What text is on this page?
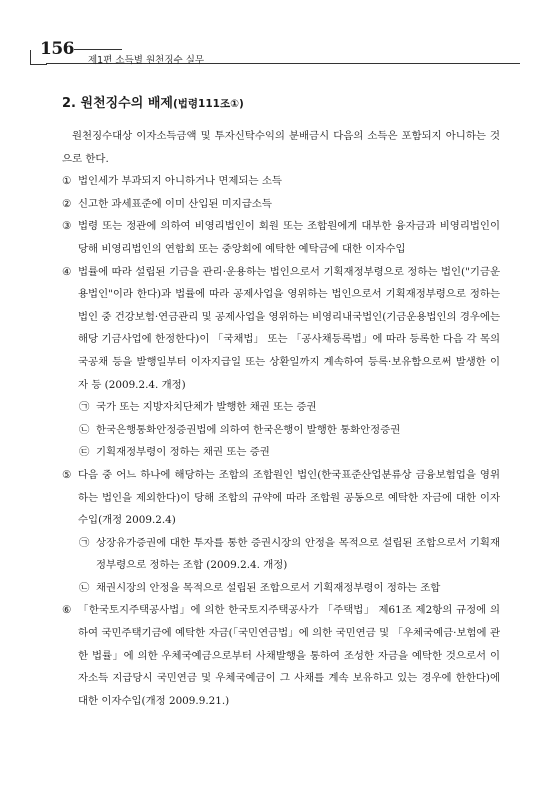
156
제1편 소득별 원천징수 실무
2. 원천징수의 배제(법령111조①)

원천징수대상 이자소득금액 및 투자신탁수익의 분배금시 다음의 소득은 포함되지 아니하는 것으로 한다.

① 법인세가 부과되지 아니하거나 면제되는 소득
② 신고한 과세표준에 이미 산입된 미지급소득
③ 법령 또는 정관에 의하여 비영리법인이 회원 또는 조합원에게 대부한 융자금과 비영리법인이 당해 비영리법인의 연합회 또는 중앙회에 예탁한 예탁금에 대한 이자수입
④ 법률에 따라 설립된 기금을 관리·운용하는 법인으로서 기획재정부령으로 정하는 법인("기금운용법인"이라 한다)과 법률에 따라 공제사업을 영위하는 법인으로서 기획재정부령으로 정하는 법인 중 건강보험·연금관리 및 공제사업을 영위하는 비영리내국법인(기금운용법인의 경우에는 해당 기금사업에 한정한다)이 「국채법」 또는 「공사채등록법」에 따라 등록한 다음 각 목의국공채 등을 발행일부터 이자지급일 또는 상환일까지 계속하여 등록·보유함으로써 발생한 이자 등 (2009.2.4. 개정)
㉠ 국가 또는 지방자치단체가 발행한 채권 또는 증권
㉡ 한국은행통화안정증권법에 의하여 한국은행이 발행한 통화안정증권
㉢ 기획재정부령이 정하는 채권 또는 증권
⑤ 다음 중 어느 하나에 해당하는 조합의 조합원인 법인(한국표준산업분류상 금융보험업을 영위하는 법인을 제외한다)이 당해 조합의 규약에 따라 조합원 공동으로 예탁한 자금에 대한 이자수입(개정 2009.2.4)
㉠ 상장유가증권에 대한 투자를 통한 증권시장의 안정을 목적으로 설립된 조합으로서 기획재정부령으로 정하는 조합 (2009.2.4. 개정)
㉡ 채권시장의 안정을 목적으로 설립된 조합으로서 기획재정부령이 정하는 조합
⑥ 「한국토지주택공사법」에 의한 한국토지주택공사가 「주택법」 제61조 제2항의 규정에 의하여 국민주택기금에 예탁한 자금(「국민연금법」에 의한 국민연금 및 「우체국예금·보험에 관한 법률」에 의한 우체국예금으로부터 사채발행을 통하여 조성한 자금을 예탁한 것으로서 이자소득 지급당시 국민연금 및 우체국예금이 그 사채를 계속 보유하고 있는 경우에 한한다)에 대한 이자수입(개정 2009.9.21.)
